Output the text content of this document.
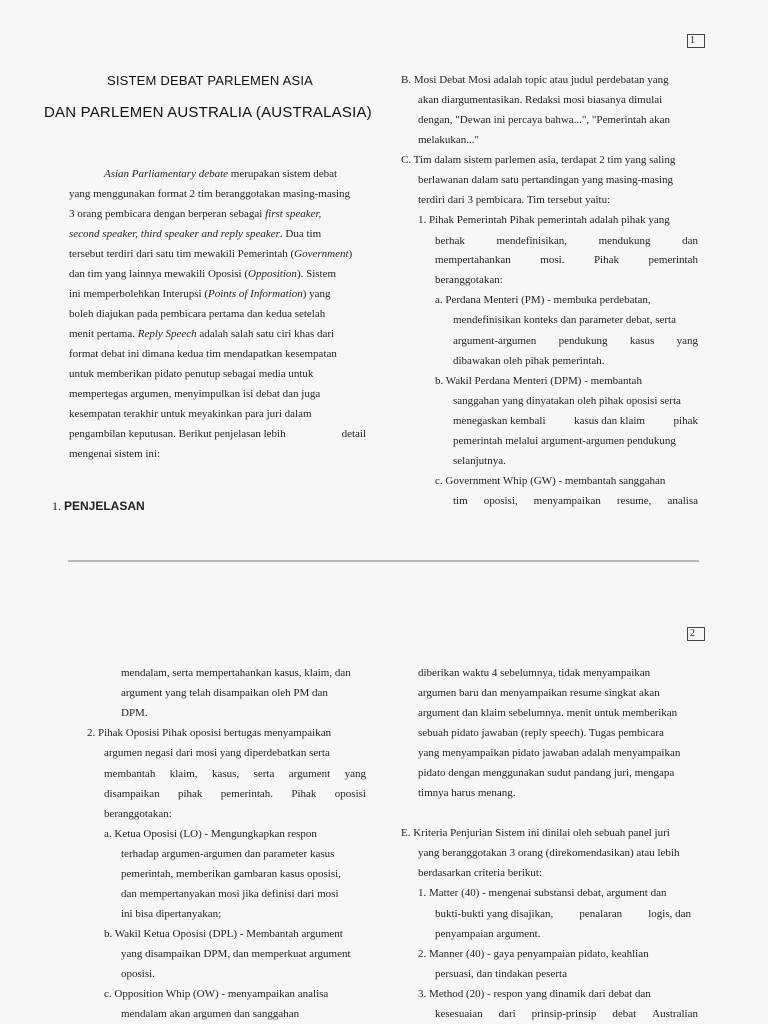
1
SISTEM DEBAT PARLEMEN ASIA
DAN PARLEMEN AUSTRALIA (AUSTRALASIA)
Asian Parliamentary debate merupakan sistem debat
yang menggunakan format 2 tim beranggotakan masing-masing
3 orang pembicara dengan berperan sebagai first speaker,
second speaker, third speaker and reply speaker. Dua tim
tersebut terdiri dari satu tim mewakili Pemerintah (Government)
dan tim yang lainnya mewakili Oposisi (Opposition). Sistem
ini memperbolehkan Interupsi (Points of Information) yang
boleh diajukan pada pembicara pertama dan kedua setelah
menit pertama. Reply Speech adalah salah satu ciri khas dari
format debat ini dimana kedua tim mendapatkan kesempatan
untuk memberikan pidato penutup sebagai media untuk
mempertegas argumen, menyimpulkan isi debat dan juga
kesempatan terakhir untuk meyakinkan para juri dalam
pengambilan keputusan. Berikut penjelasan lebih	detail
mengenai sistem ini:
1. PENJELASAN
B. Mosi Debat Mosi adalah topic atau judul perdebatan yang
akan diargumentasikan. Redaksi mosi biasanya dimulai
dengan, "Dewan ini percaya bahwa...", "Pemerintah akan
melakukan..."
C. Tim dalam sistem parlemen asia, terdapat 2 tim yang saling
berlawanan dalam satu pertandingan yang masing-masing
terdiri dari 3 pembicara. Tim tersebut yaitu:
1. Pihak Pemerintah Pihak pemerintah adalah pihak yang
berhak	mendefinisikan,	mendukung	dan
mempertahankan	mosi.	Pihak	pemerintah
beranggotakan:
a. Perdana Menteri (PM) - membuka perdebatan,
mendefinisikan konteks dan parameter debat, serta
argument-argumen pendukung kasus yang
dibawakan oleh pihak pemerintah.
b. Wakil Perdana Menteri (DPM) - membantah
sanggahan yang dinyatakan oleh pihak oposisi serta
menegaskan kembali	kasus dan klaim	pihak
pemerintah melalui argument-argumen pendukung
selanjutnya.
c. Government Whip (GW) - membantah sanggahan
tim oposisi, menyampaikan resume, analisa
2
mendalam, serta mempertahankan kasus, klaim, dan
argument yang telah disampaikan oleh PM dan
DPM.
2. Pihak Oposisi Pihak oposisi bertugas menyampaikan
argumen negasi dari mosi yang diperdebatkan serta
membantah klaim, kasus, serta argument yang
disampaikan pihak pemerintah. Pihak oposisi
beranggotakan:
a. Ketua Oposisi (LO) - Mengungkapkan respon
terhadap argumen-argumen dan parameter kasus
pemerintah, memberikan gambaran kasus oposisi,
dan mempertanyakan mosi jika definisi dari mosi
ini bisa dipertanyakan;
b. Wakil Ketua Oposisi (DPL) - Membantah argument
yang disampaikan DPM, dan memperkuat argument
oposisi.
c. Opposition Whip (OW) - menyampaikan analisa
mendalam akan argumen dan sanggahan
diberikan waktu 4 sebelumnya, tidak menyampaikan
argumen baru dan menyampaikan resume singkat akan
argument dan klaim sebelumnya. menit untuk memberikan
sebuah pidato jawaban (reply speech). Tugas pembicara
yang menyampaikan pidato jawaban adalah menyampaikan
pidato dengan menggunakan sudut pandang juri, mengapa
timnya harus menang.
E. Kriteria Penjurian Sistem ini dinilai oleh sebuah panel juri
yang beranggotakan 3 orang (direkomendasikan) atau lebih
berdasarkan criteria berikut:
1. Matter (40) - mengenai substansi debat, argument dan
bukti-bukti yang disajikan, penalaran logis, dan
penyampaian argument.
2. Manner (40) - gaya penyampaian pidato, keahlian
persuasi, dan tindakan peserta
3. Method (20) - respon yang dinamik dari debat dan
kesesuaian dari prinsip-prinsip debat Australian
